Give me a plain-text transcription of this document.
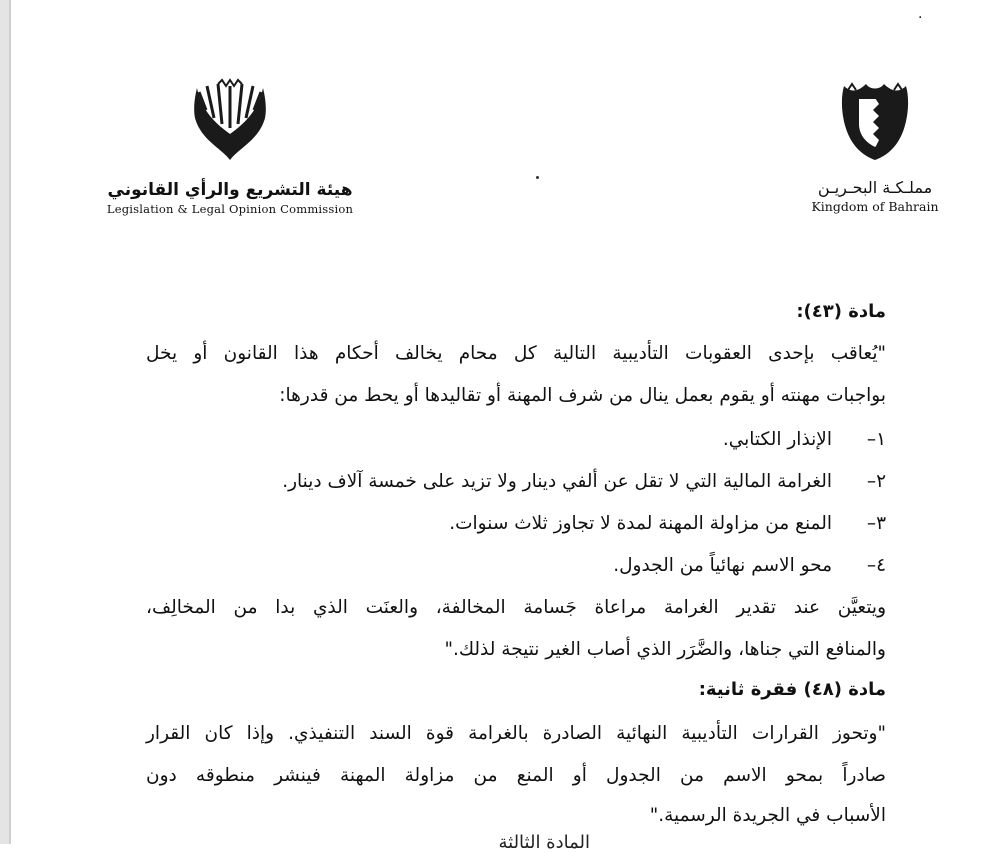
·
مملـكـة البحـريـن
Kingdom of Bahrain
هيئة التشريع والرأي القانوني
Legislation & Legal Opinion Commission
مادة (٤٣):
"يُعاقب بإحدى العقوبات التأديبية التالية كل محام يخالف أحكام هذا القانون أو يخل
بواجبات مهنته أو يقوم بعمل ينال من شرف المهنة أو تقاليدها أو يحط من قدرها:
١–الإنذار الكتابي.
٢–الغرامة المالية التي لا تقل عن ألفي دينار ولا تزيد على خمسة آلاف دينار.
٣–المنع من مزاولة المهنة لمدة لا تجاوز ثلاث سنوات.
٤–محو الاسم نهائياً من الجدول.
ويتعيَّن عند تقدير الغرامة مراعاة جَسامة المخالفة، والعنَت الذي بدا من المخالِف،
والمنافع التي جناها، والضَّرَر الذي أصاب الغير نتيجة لذلك."
مادة (٤٨) فقرة ثانية:
"وتحوز القرارات التأديبية النهائية الصادرة بالغرامة قوة السند التنفيذي. وإذا كان القرار
صادراً بمحو الاسم من الجدول أو المنع من مزاولة المهنة فينشر منطوقه دون
الأسباب في الجريدة الرسمية."
المادة الثالثة
